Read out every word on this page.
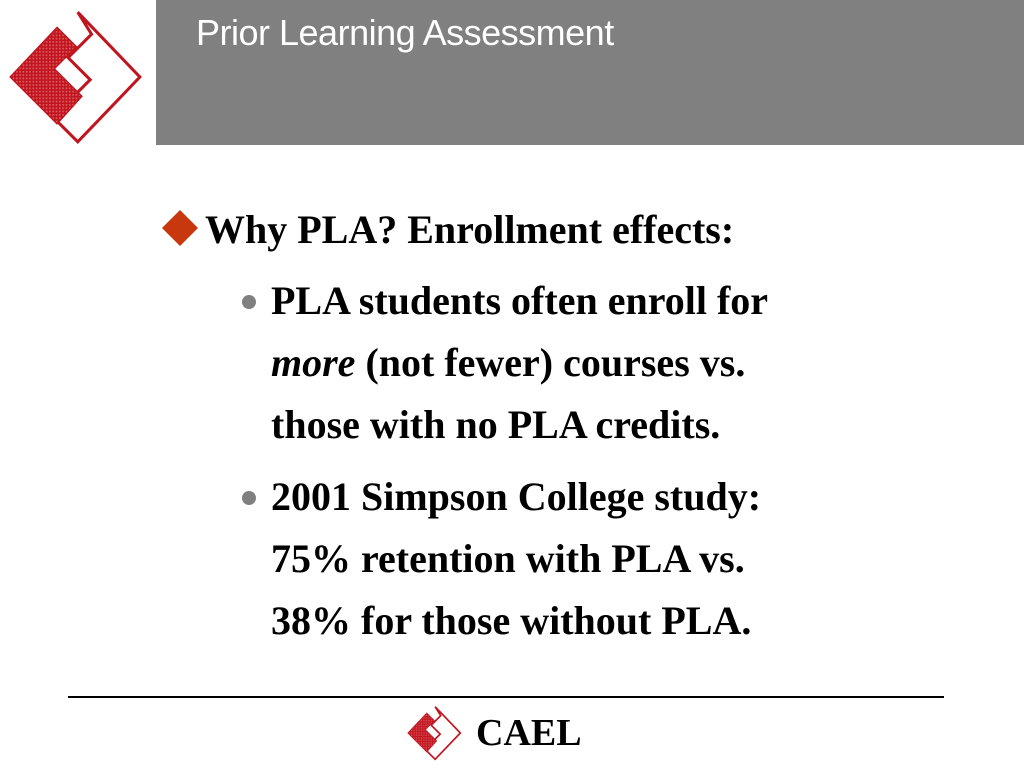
Prior Learning Assessment
Why PLA? Enrollment effects:
PLA students often enroll for
more (not fewer) courses vs.
those with no PLA credits.
2001 Simpson College study:
75% retention with PLA vs.
38% for those without PLA.
CAEL
